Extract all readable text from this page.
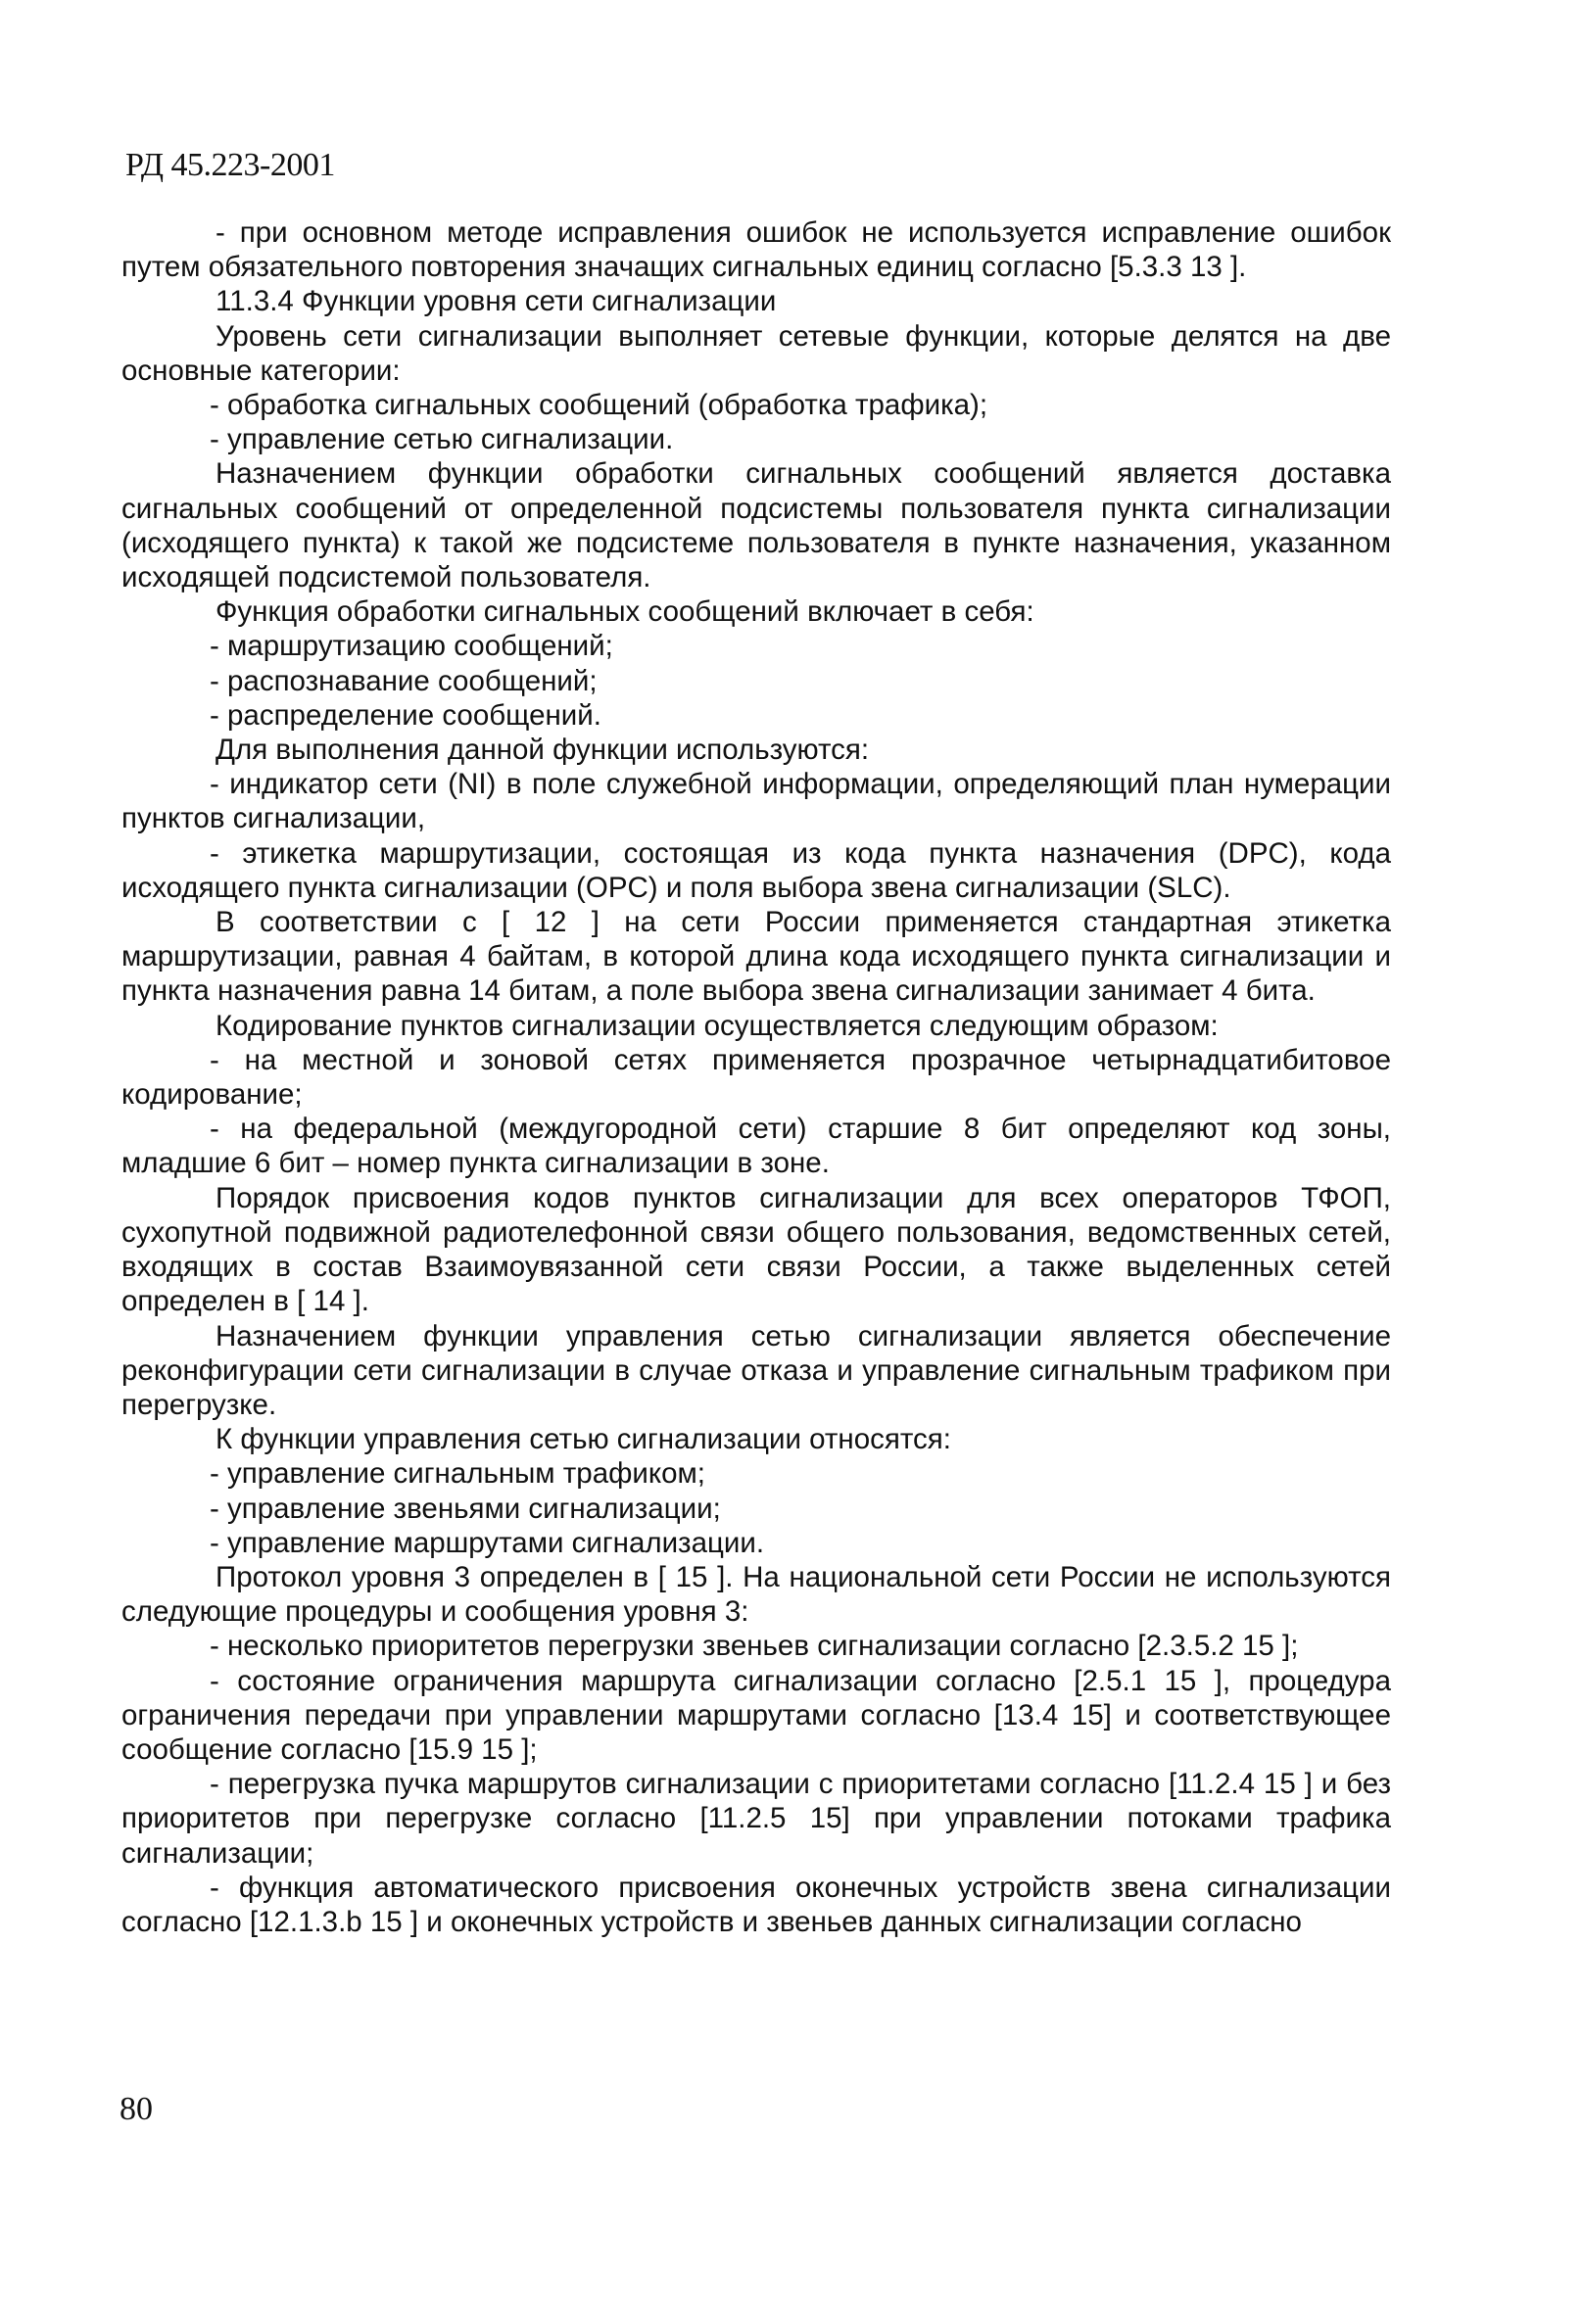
РД 45.223-2001

- при основном методе исправления ошибок не используется исправление ошибок путем обязательного повторения значащих сигнальных единиц согласно [5.3.3 13 ].

11.3.4 Функции уровня сети сигнализации

Уровень сети сигнализации выполняет сетевые функции, которые делятся на две основные категории:

- обработка сигнальных сообщений (обработка трафика);

- управление сетью сигнализации.

Назначением функции обработки сигнальных сообщений является доставка сигнальных сообщений от определенной подсистемы пользователя пункта сигнализации (исходящего пункта) к такой же подсистеме пользователя в пункте назначения, указанном исходящей подсистемой пользователя.

Функция обработки сигнальных сообщений включает в себя:

- маршрутизацию сообщений;

- распознавание сообщений;

- распределение сообщений.

Для выполнения данной функции используются:

- индикатор сети (NI) в поле служебной информации, определяющий план нумерации пунктов сигнализации,

- этикетка маршрутизации, состоящая из кода пункта назначения (DPC), кода исходящего пункта сигнализации (OPC) и поля выбора звена сигнализации (SLC).

В соответствии с [ 12 ] на сети России применяется стандартная этикетка маршрутизации, равная 4 байтам, в которой длина кода исходящего пункта сигнализации и пункта назначения равна 14 битам, а поле выбора звена сигнализации занимает 4 бита.

Кодирование пунктов сигнализации осуществляется следующим образом:

- на местной и зоновой сетях применяется прозрачное четырнадцатибитовое кодирование;

- на федеральной (междугородной сети) старшие 8 бит определяют код зоны, младшие 6 бит – номер пункта сигнализации в зоне.

Порядок присвоения кодов пунктов сигнализации для всех операторов ТФОП, сухопутной подвижной радиотелефонной связи общего пользования, ведомственных сетей, входящих в состав Взаимоувязанной сети связи России, а также выделенных сетей определен в [ 14 ].

Назначением функции управления сетью сигнализации является обеспечение реконфигурации сети сигнализации в случае отказа и управление сигнальным трафиком при перегрузке.

К функции управления сетью сигнализации относятся:

- управление сигнальным трафиком;

- управление звеньями сигнализации;

- управление маршрутами сигнализации.

Протокол уровня 3 определен в [ 15 ]. На национальной сети России не используются следующие процедуры и сообщения уровня 3:

- несколько приоритетов перегрузки звеньев сигнализации согласно [2.3.5.2 15 ];

- состояние ограничения маршрута сигнализации согласно [2.5.1 15 ], процедура ограничения передачи при управлении маршрутами согласно [13.4 15] и соответствующее сообщение согласно [15.9 15 ];

- перегрузка пучка маршрутов сигнализации с приоритетами согласно [11.2.4 15 ] и без приоритетов при перегрузке согласно [11.2.5 15] при управлении потоками трафика сигнализации;

- функция автоматического присвоения оконечных устройств звена сигнализации согласно [12.1.3.b 15 ] и оконечных устройств и звеньев данных сигнализации согласно

80
